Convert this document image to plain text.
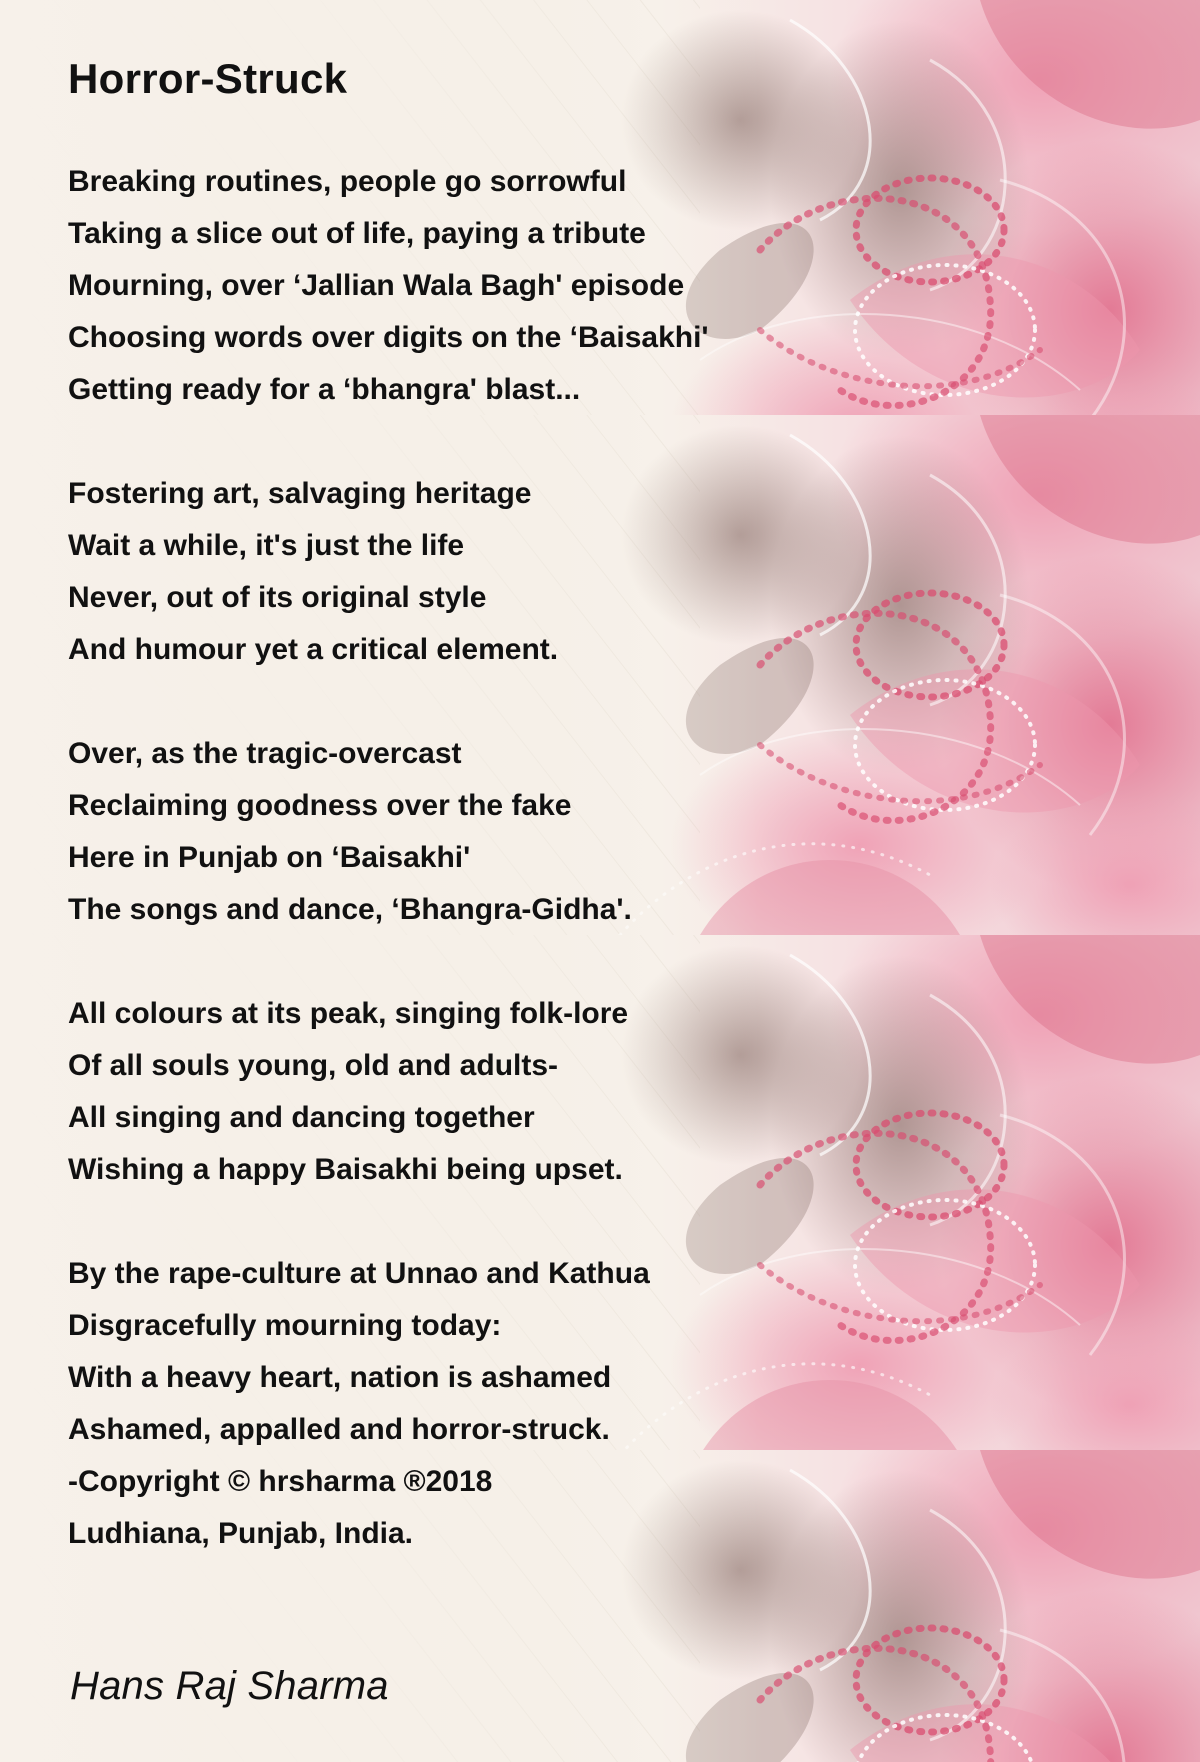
Horror-Struck
Breaking routines, people go sorrowful
Taking a slice out of life, paying a tribute
Mourning, over ‘Jallian Wala Bagh' episode
Choosing words over digits on the ‘Baisakhi'
Getting ready for a ‘bhangra' blast...
Fostering art, salvaging heritage
Wait a while, it's just the life
Never, out of its original style
And humour yet a critical element.
Over, as the tragic-overcast
Reclaiming goodness over the fake
Here in Punjab on ‘Baisakhi'
The songs and dance, ‘Bhangra-Gidha'.
All colours at its peak, singing folk-lore
Of all souls young, old and adults-
All singing and dancing together
Wishing a happy Baisakhi being upset.
By the rape-culture at Unnao and Kathua
Disgracefully mourning today:
With a heavy heart, nation is ashamed
Ashamed, appalled and horror-struck.
-Copyright © hrsharma ®2018
Ludhiana, Punjab, India.
Hans Raj Sharma
